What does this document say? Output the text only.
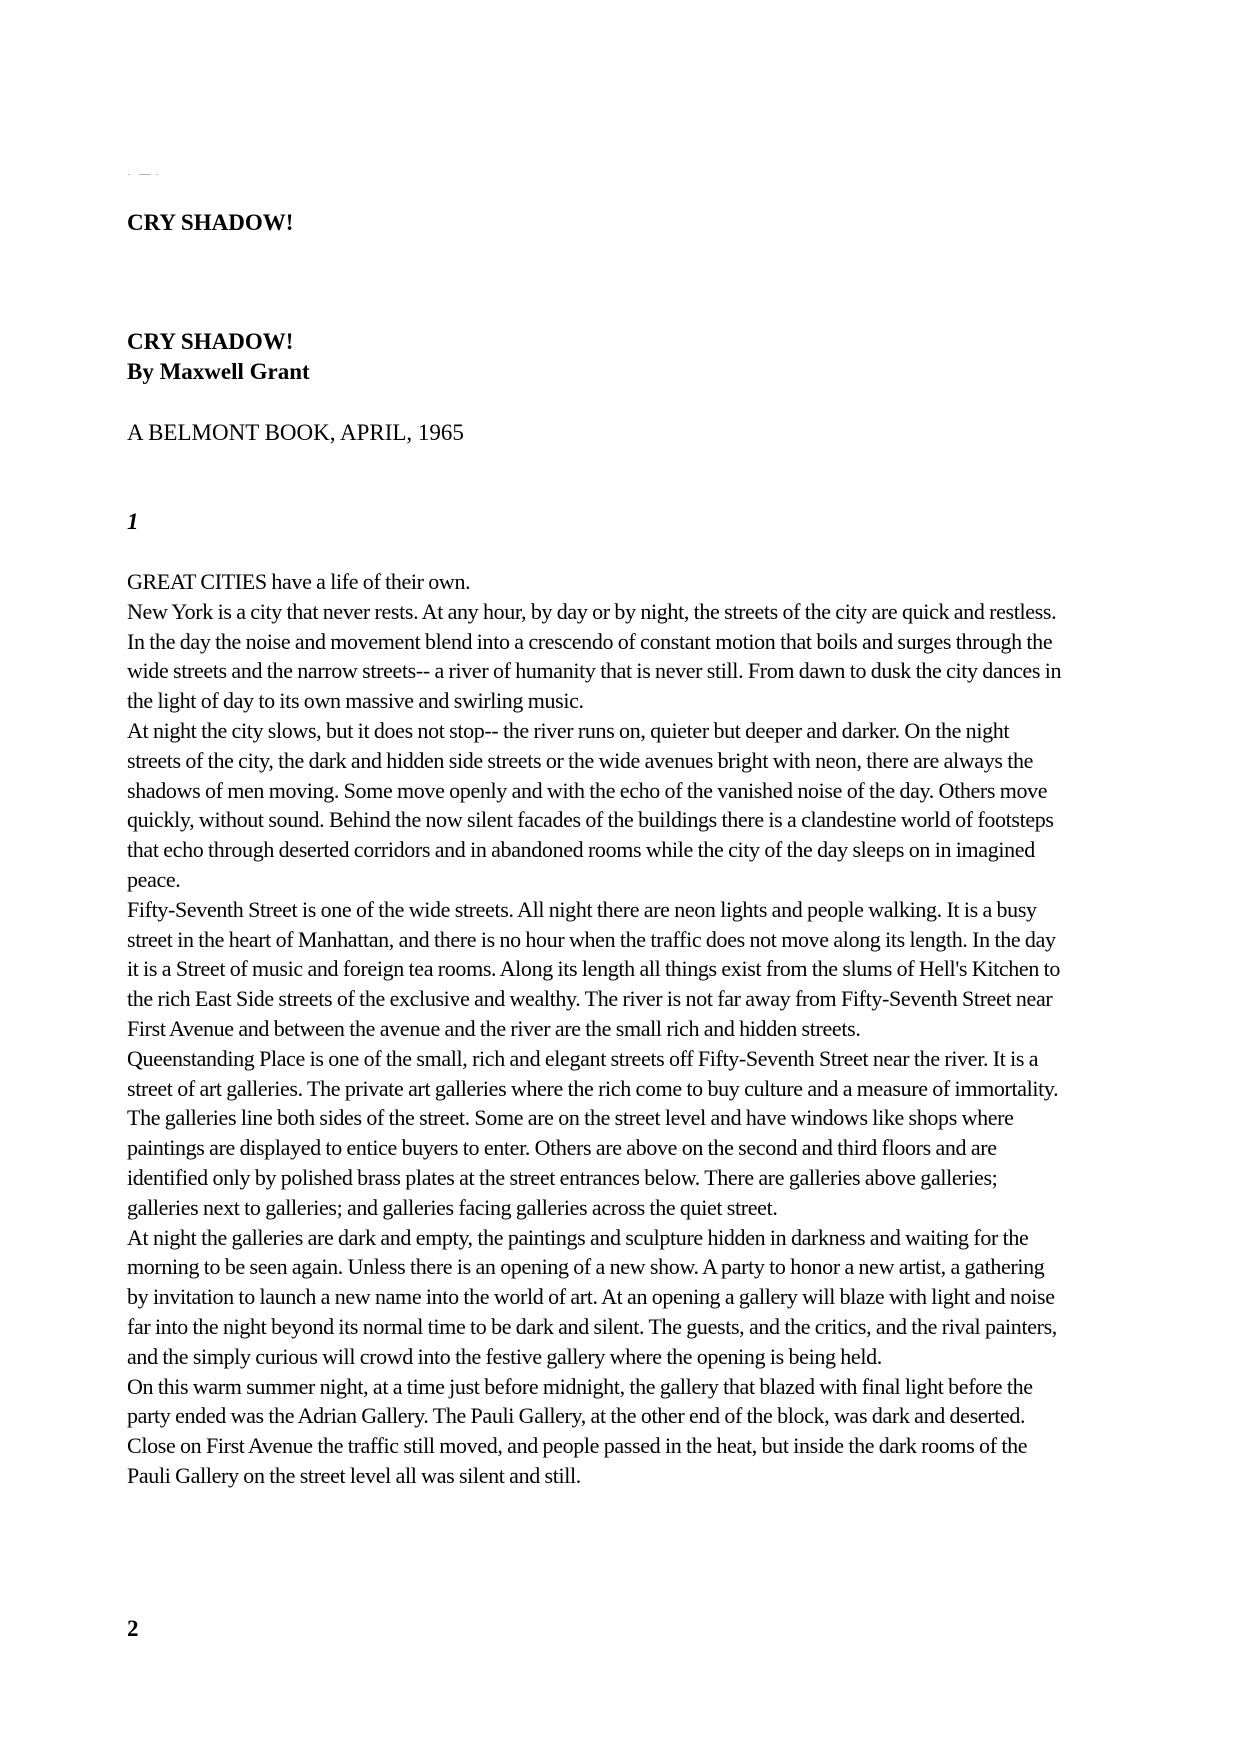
CRY SHADOW!
CRY SHADOW!
By Maxwell Grant

A BELMONT BOOK, APRIL, 1965

1

GREAT CITIES have a life of their own.

New York is a city that never rests. At any hour, by day or by night, the streets of the city are quick and restless. In the day the noise and movement blend into a crescendo of constant motion that boils and surges through the wide streets and the narrow streets-- a river of humanity that is never still. From dawn to dusk the city dances in the light of day to its own massive and swirling music.

At night the city slows, but it does not stop-- the river runs on, quieter but deeper and darker. On the night streets of the city, the dark and hidden side streets or the wide avenues bright with neon, there are always the shadows of men moving. Some move openly and with the echo of the vanished noise of the day. Others move quickly, without sound. Behind the now silent facades of the buildings there is a clandestine world of footsteps that echo through deserted corridors and in abandoned rooms while the city of the day sleeps on in imagined peace.

Fifty-Seventh Street is one of the wide streets. All night there are neon lights and people walking. It is a busy street in the heart of Manhattan, and there is no hour when the traffic does not move along its length. In the day it is a Street of music and foreign tea rooms. Along its length all things exist from the slums of Hell's Kitchen to the rich East Side streets of the exclusive and wealthy. The river is not far away from Fifty-Seventh Street near First Avenue and between the avenue and the river are the small rich and hidden streets.

Queenstanding Place is one of the small, rich and elegant streets off Fifty-Seventh Street near the river. It is a street of art galleries. The private art galleries where the rich come to buy culture and a measure of immortality. The galleries line both sides of the street. Some are on the street level and have windows like shops where paintings are displayed to entice buyers to enter. Others are above on the second and third floors and are identified only by polished brass plates at the street entrances below. There are galleries above galleries; galleries next to galleries; and galleries facing galleries across the quiet street.

At night the galleries are dark and empty, the paintings and sculpture hidden in darkness and waiting for the morning to be seen again. Unless there is an opening of a new show. A party to honor a new artist, a gathering by invitation to launch a new name into the world of art. At an opening a gallery will blaze with light and noise far into the night beyond its normal time to be dark and silent. The guests, and the critics, and the rival painters, and the simply curious will crowd into the festive gallery where the opening is being held.

On this warm summer night, at a time just before midnight, the gallery that blazed with final light before the party ended was the Adrian Gallery. The Pauli Gallery, at the other end of the block, was dark and deserted. Close on First Avenue the traffic still moved, and people passed in the heat, but inside the dark rooms of the Pauli Gallery on the street level all was silent and still.

2
